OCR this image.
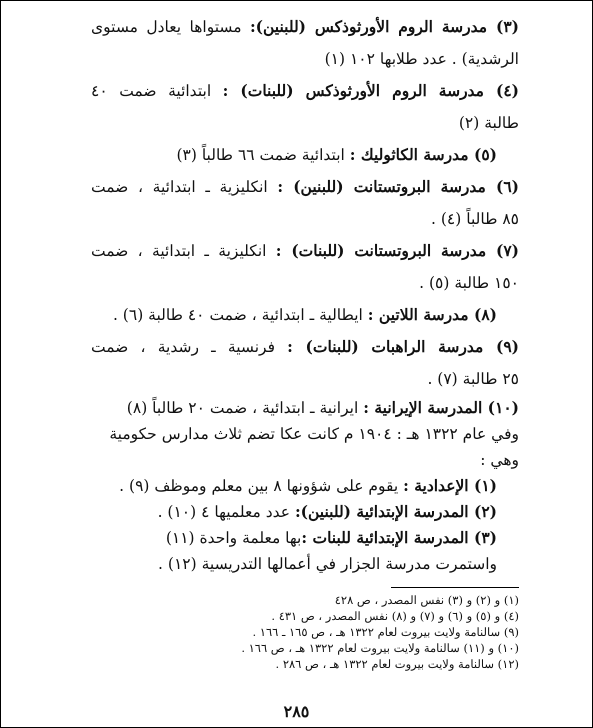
(٣) مدرسة الروم الأورثوذكس (للبنين): مستواها يعادل مستوى
الرشدية) . عدد طلابها ١٠٢ (١)
(٤) مدرسة الروم الأورثوذكس (للبنات) : ابتدائية ضمت ٤٠
طالبة (٢)
(٥) مدرسة الكاثوليك : ابتدائية ضمت ٦٦ طالباً (٣)
(٦) مدرسة البروتستانت (للبنين) : انكليزية ـ ابتدائية ، ضمت
٨٥ طالباً (٤) .
(٧) مدرسة البروتستانت (للبنات) : انكليزية ـ ابتدائية ، ضمت
١٥٠ طالبة (٥) .
(٨) مدرسة اللاتين : ايطالية ـ ابتدائية ، ضمت ٤٠ طالبة (٦) .
(٩) مدرسة الراهبات (للبنات) : فرنسية ـ رشدية ، ضمت
٢٥ طالبة (٧) .
(١٠) المدرسة الإيرانية : ايرانية ـ ابتدائية ، ضمت ٢٠ طالباً (٨)
وفي عام ١٣٢٢ هـ : ١٩٠٤ م كانت عكا تضم ثلاث مدارس حكومية
وهي :
(١) الإعدادية : يقوم على شؤونها ٨ بين معلم وموظف (٩) .
(٢) المدرسة الإبتدائية (للبنين): عدد معلميها ٤ (١٠) .
(٣) المدرسة الإبتدائية للبنات :بها معلمة واحدة (١١)
واستمرت مدرسة الجزار في أعمالها التدريسية (١٢) .
(١) و (٢) و (٣) نفس المصدر ، ص ٤٢٨
(٤) و (٥) و (٦) و (٧) و (٨) نفس المصدر ، ص ٤٣١ .
(٩) سالنامة ولايت بيروت لعام ١٣٢٢ هـ ، ص ١٦٥ ـ ١٦٦ .
(١٠) و (١١) سالنامة ولايت بيروت لعام ١٣٢٢ هـ ، ص ١٦٦ .
(١٢) سالنامة ولايت بيروت لعام ١٣٢٢ هـ ، ص ٢٨٦ .
٢٨٥
